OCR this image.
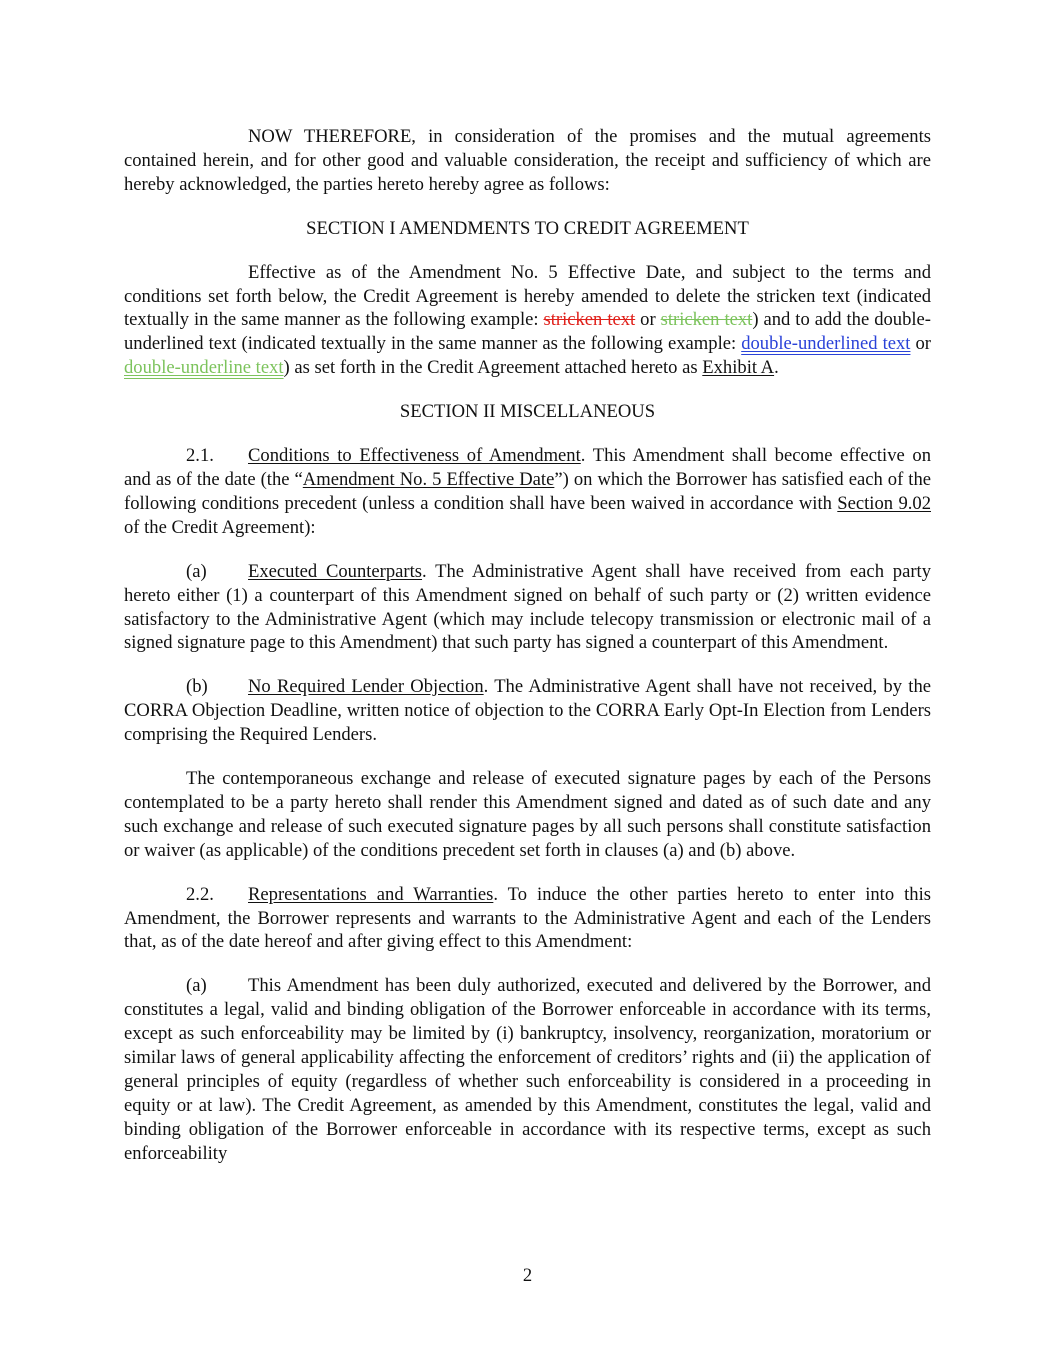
NOW THEREFORE, in consideration of the promises and the mutual agreements contained herein, and for other good and valuable consideration, the receipt and sufficiency of which are hereby acknowledged, the parties hereto hereby agree as follows:

SECTION I AMENDMENTS TO CREDIT AGREEMENT

Effective as of the Amendment No. 5 Effective Date, and subject to the terms and conditions set forth below, the Credit Agreement is hereby amended to delete the stricken text (indicated textually in the same manner as the following example: stricken text or stricken text) and to add the double-underlined text (indicated textually in the same manner as the following example: double-underlined text or double-underline text) as set forth in the Credit Agreement attached hereto as Exhibit A.

SECTION II MISCELLANEOUS

2.1. Conditions to Effectiveness of Amendment. This Amendment shall become effective on and as of the date (the “Amendment No. 5 Effective Date”) on which the Borrower has satisfied each of the following conditions precedent (unless a condition shall have been waived in accordance with Section 9.02 of the Credit Agreement):

(a) Executed Counterparts. The Administrative Agent shall have received from each party hereto either (1) a counterpart of this Amendment signed on behalf of such party or (2) written evidence satisfactory to the Administrative Agent (which may include telecopy transmission or electronic mail of a signed signature page to this Amendment) that such party has signed a counterpart of this Amendment.

(b) No Required Lender Objection. The Administrative Agent shall have not received, by the CORRA Objection Deadline, written notice of objection to the CORRA Early Opt-In Election from Lenders comprising the Required Lenders.

The contemporaneous exchange and release of executed signature pages by each of the Persons contemplated to be a party hereto shall render this Amendment signed and dated as of such date and any such exchange and release of such executed signature pages by all such persons shall constitute satisfaction or waiver (as applicable) of the conditions precedent set forth in clauses (a) and (b) above.

2.2. Representations and Warranties. To induce the other parties hereto to enter into this Amendment, the Borrower represents and warrants to the Administrative Agent and each of the Lenders that, as of the date hereof and after giving effect to this Amendment:

(a) This Amendment has been duly authorized, executed and delivered by the Borrower, and constitutes a legal, valid and binding obligation of the Borrower enforceable in accordance with its terms, except as such enforceability may be limited by (i) bankruptcy, insolvency, reorganization, moratorium or similar laws of general applicability affecting the enforcement of creditors’ rights and (ii) the application of general principles of equity (regardless of whether such enforceability is considered in a proceeding in equity or at law). The Credit Agreement, as amended by this Amendment, constitutes the legal, valid and binding obligation of the Borrower enforceable in accordance with its respective terms, except as such enforceability

2
